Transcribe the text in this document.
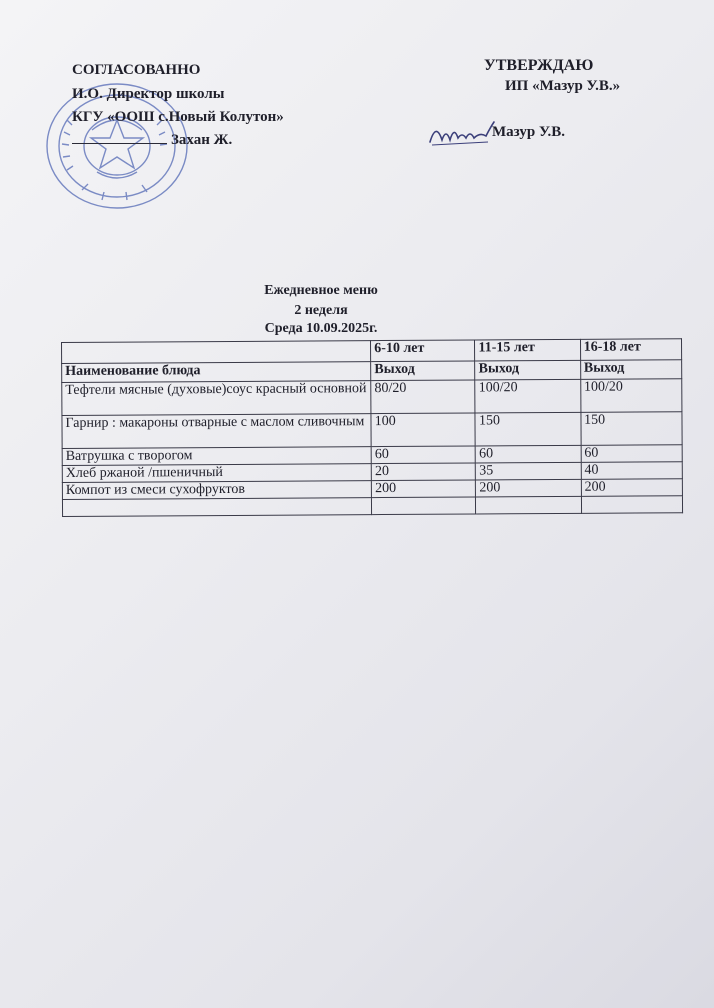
СОГЛАСОВАННО
И.О. Директор школы
КГУ «ООШ с.Новый Колутон»
Захан Ж.
УТВЕРЖДАЮ
ИП «Мазур У.В.»
Мазур У.В.
Ежедневное меню
2 неделя
Среда 10.09.2025г.
	6-10 лет	11-15 лет	16-18 лет
Наименование блюда	Выход	Выход	Выход
Тефтели мясные (духовые)соус красный основной	80/20	100/20	100/20
Гарнир : макароны отварные с маслом сливочным	100	150	150
Ватрушка с творогом	60	60	60
Хлеб ржаной /пшеничный	20	35	40
Компот из смеси сухофруктов	200	200	200
